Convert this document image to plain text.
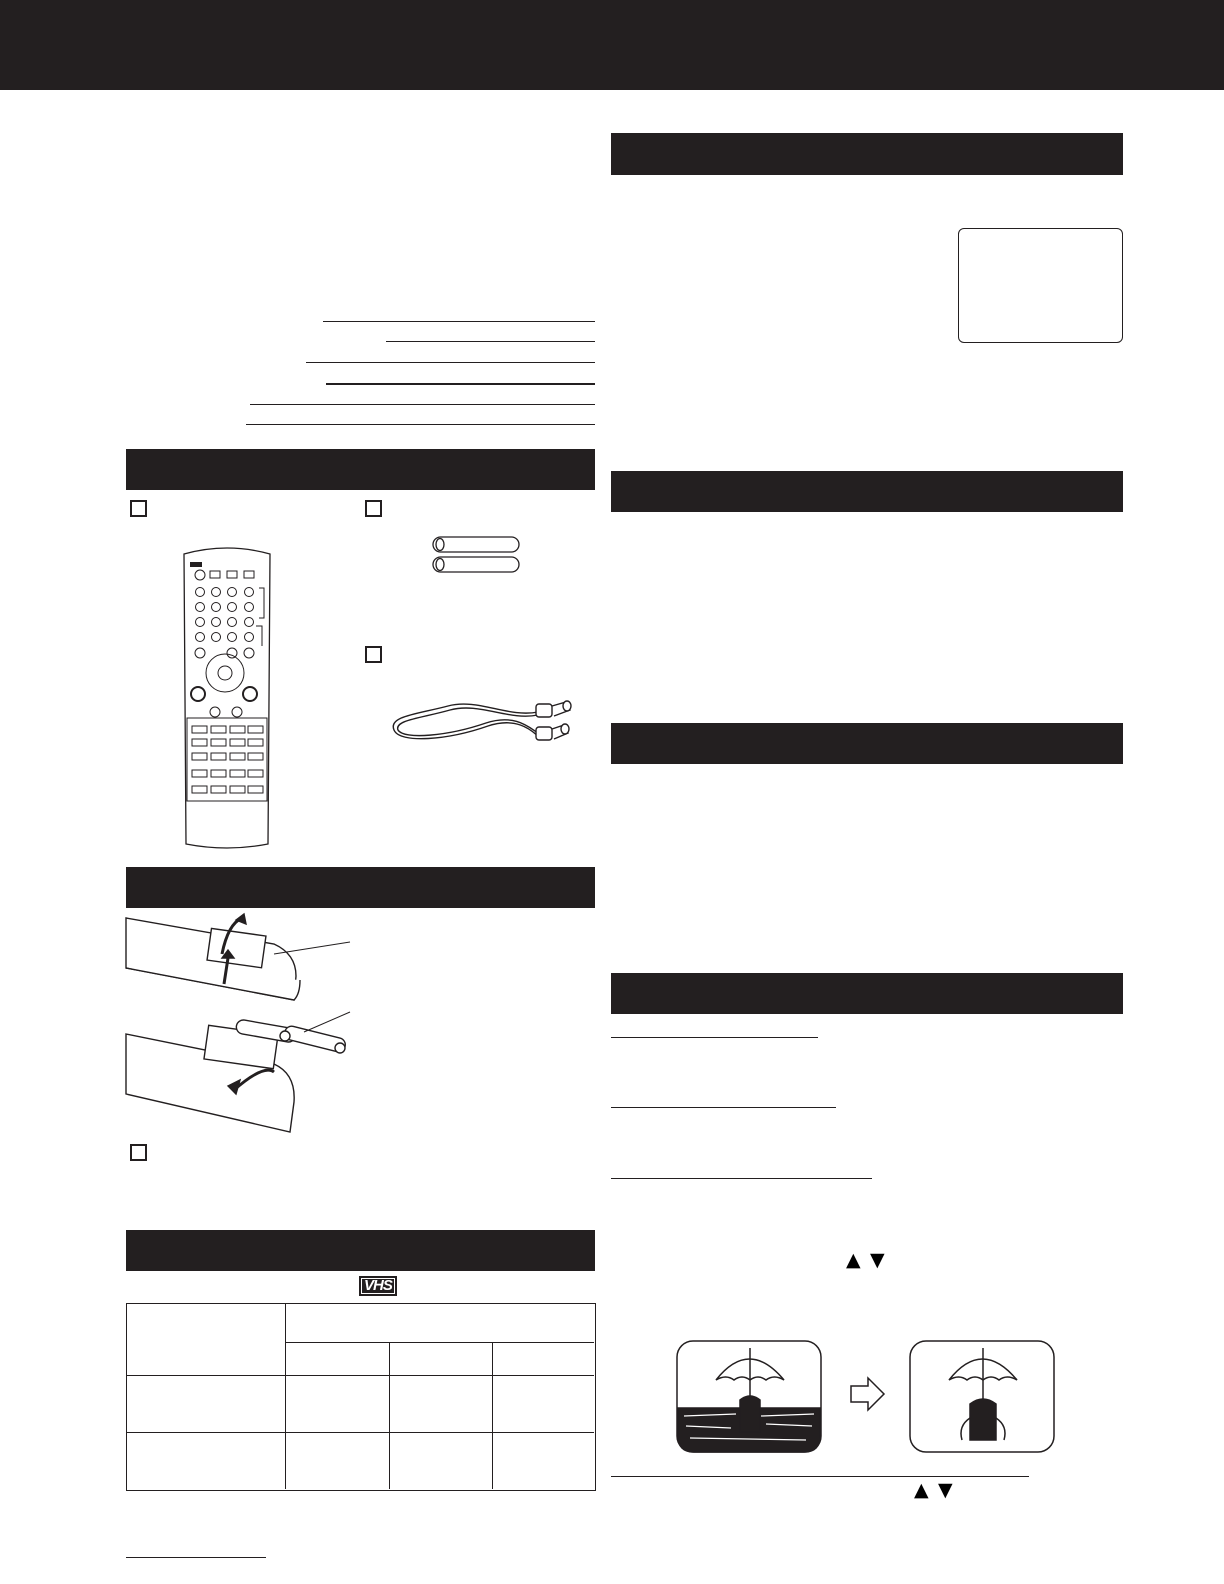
VHS
▲ ▼
▲ ▼
